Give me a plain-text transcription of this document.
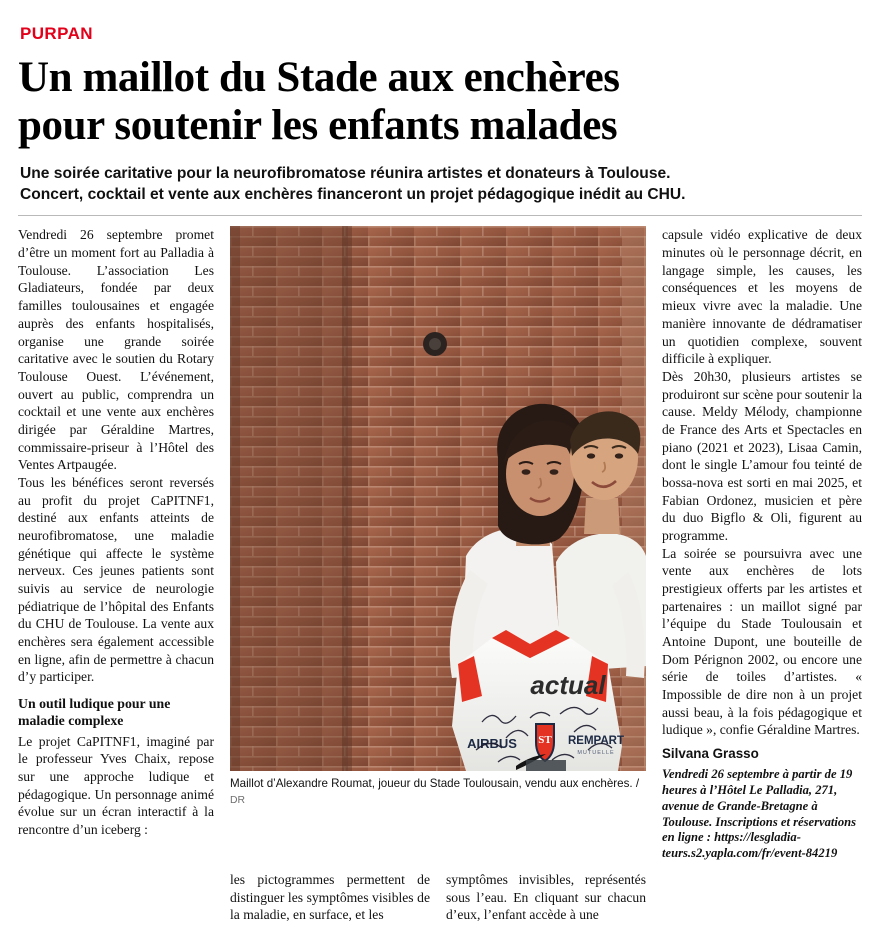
PURPAN
Un maillot du Stade aux enchères
pour soutenir les enfants malades
Une soirée caritative pour la neurofibromatose réunira artistes et donateurs à Toulouse.
Concert, cocktail et vente aux enchères financeront un projet pédagogique inédit au CHU.

Vendredi 26 septembre promet d’être un moment fort au Palladia à Toulouse. L’association Les Gladiateurs, fondée par deux familles toulousaines et engagée auprès des enfants hospitalisés, organise une grande soirée caritative avec le soutien du Rotary Toulouse Ouest. L’événement, ouvert au public, comprendra un cocktail et une vente aux enchères dirigée par Géraldine Martres, commissaire-priseur à l’Hôtel des Ventes Artpaugée.

Tous les bénéfices seront reversés au profit du projet CaPITNF1, destiné aux enfants atteints de neurofibromatose, une maladie génétique qui affecte le système nerveux. Ces jeunes patients sont suivis au service de neurologie pédiatrique de l’hôpital des Enfants du CHU de Toulouse. La vente aux enchères sera également accessible en ligne, afin de permettre à chacun d’y participer.

Un outil ludique pour une maladie complexe

Le projet CaPITNF1, imaginé par le professeur Yves Chaix, repose sur une approche ludique et pédagogique. Un personnage animé évolue sur un écran interactif à la rencontre d’un iceberg :

actual
AIRBUS	REMPART
MUTUELLE
ST
Maillot d’Alexandre Roumat, joueur du Stade Toulousain, vendu aux enchères. / DR

capsule vidéo explicative de deux minutes où le personnage décrit, en langage simple, les causes, les conséquences et les moyens de mieux vivre avec la maladie. Une manière innovante de dédramatiser un quotidien complexe, souvent difficile à expliquer.

Dès 20h30, plusieurs artistes se produiront sur scène pour soutenir la cause. Meldy Mélody, championne de France des Arts et Spectacles en piano (2021 et 2023), Lisaa Camin, dont le single L’amour fou teinté de bossa-nova est sorti en mai 2025, et Fabian Ordonez, musicien et père du duo Bigflo & Oli, figurent au programme.

La soirée se poursuivra avec une vente aux enchères de lots prestigieux offerts par les artistes et partenaires : un maillot signé par l’équipe du Stade Toulousain et Antoine Dupont, une bouteille de Dom Pérignon 2002, ou encore une série de toiles d’artistes. « Impossible de dire non à un projet aussi beau, à la fois pédagogique et ludique », confie Géraldine Martres.

Silvana Grasso
Vendredi 26 septembre à partir de 19 heures à l’Hôtel Le Palladia, 271, avenue de Grande-Bretagne à Toulouse. Inscriptions et réservations en ligne : https://lesgladia-teurs.s2.yapla.com/fr/event-84219

les pictogrammes permettent de distinguer les symptômes visibles de la maladie, en surface, et les

symptômes invisibles, représentés sous l’eau. En cliquant sur chacun d’eux, l’enfant accède à une
